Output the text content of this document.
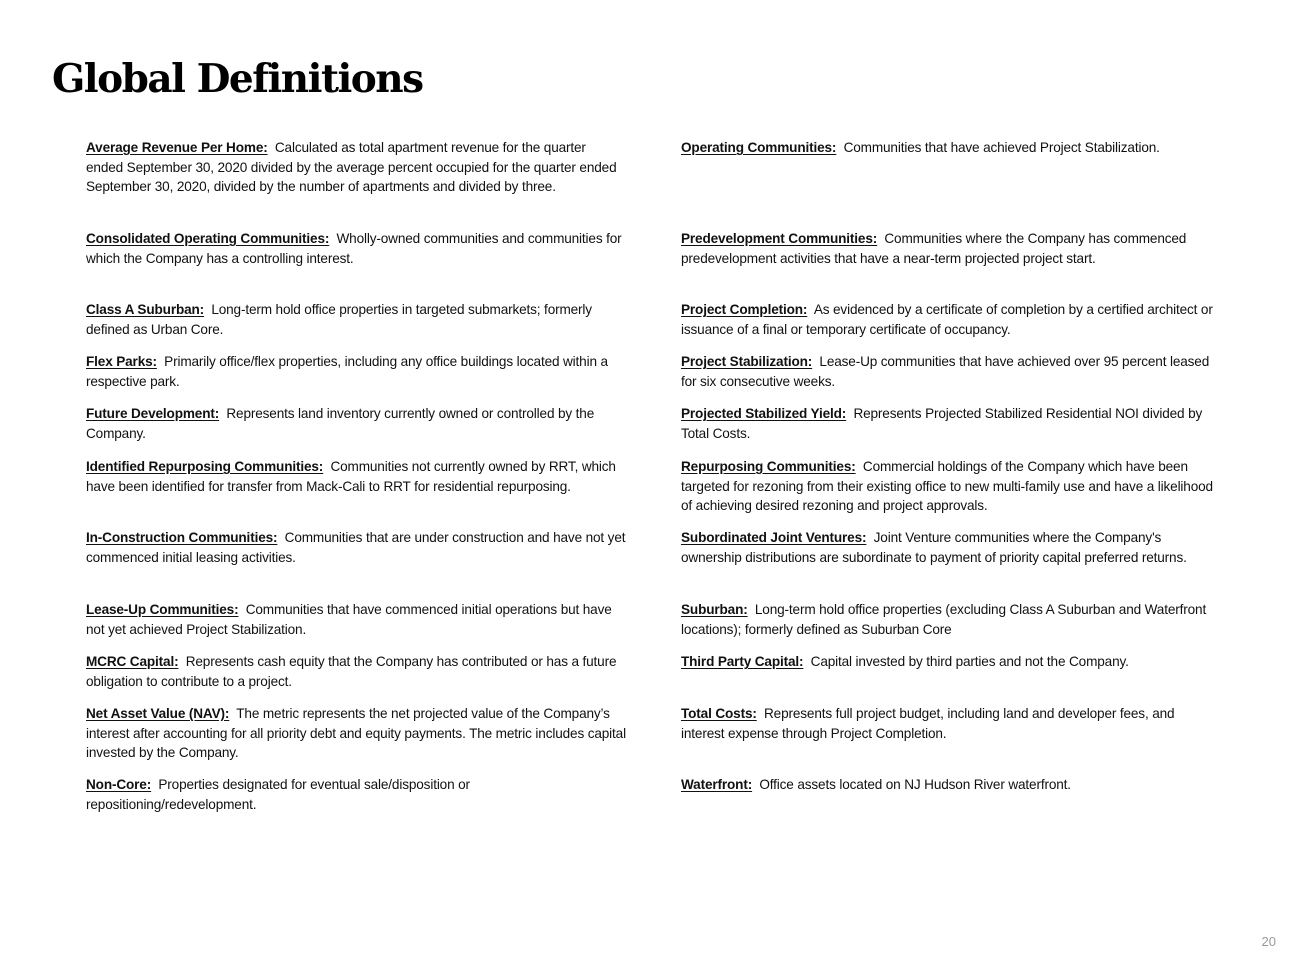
Global Definitions

Average Revenue Per Home: Calculated as total apartment revenue for the quarter ended September 30, 2020 divided by the average percent occupied for the quarter ended September 30, 2020, divided by the number of apartments and divided by three.

Consolidated Operating Communities: Wholly-owned communities and communities for which the Company has a controlling interest.

Class A Suburban: Long-term hold office properties in targeted submarkets; formerly defined as Urban Core.

Flex Parks: Primarily office/flex properties, including any office buildings located within a respective park.

Future Development: Represents land inventory currently owned or controlled by the Company.

Identified Repurposing Communities: Communities not currently owned by RRT, which have been identified for transfer from Mack-Cali to RRT for residential repurposing.

In-Construction Communities: Communities that are under construction and have not yet commenced initial leasing activities.

Lease-Up Communities: Communities that have commenced initial operations but have not yet achieved Project Stabilization.

MCRC Capital: Represents cash equity that the Company has contributed or has a future obligation to contribute to a project.

Net Asset Value (NAV): The metric represents the net projected value of the Company’s interest after accounting for all priority debt and equity payments. The metric includes capital invested by the Company.

Non-Core: Properties designated for eventual sale/disposition or repositioning/redevelopment.

Operating Communities: Communities that have achieved Project Stabilization.

Predevelopment Communities: Communities where the Company has commenced predevelopment activities that have a near-term projected project start.

Project Completion: As evidenced by a certificate of completion by a certified architect or issuance of a final or temporary certificate of occupancy.

Project Stabilization: Lease-Up communities that have achieved over 95 percent leased for six consecutive weeks.

Projected Stabilized Yield: Represents Projected Stabilized Residential NOI divided by Total Costs.

Repurposing Communities: Commercial holdings of the Company which have been targeted for rezoning from their existing office to new multi-family use and have a likelihood of achieving desired rezoning and project approvals.

Subordinated Joint Ventures: Joint Venture communities where the Company's ownership distributions are subordinate to payment of priority capital preferred returns.

Suburban: Long-term hold office properties (excluding Class A Suburban and Waterfront locations); formerly defined as Suburban Core

Third Party Capital: Capital invested by third parties and not the Company.

Total Costs: Represents full project budget, including land and developer fees, and interest expense through Project Completion.

Waterfront: Office assets located on NJ Hudson River waterfront.

20
